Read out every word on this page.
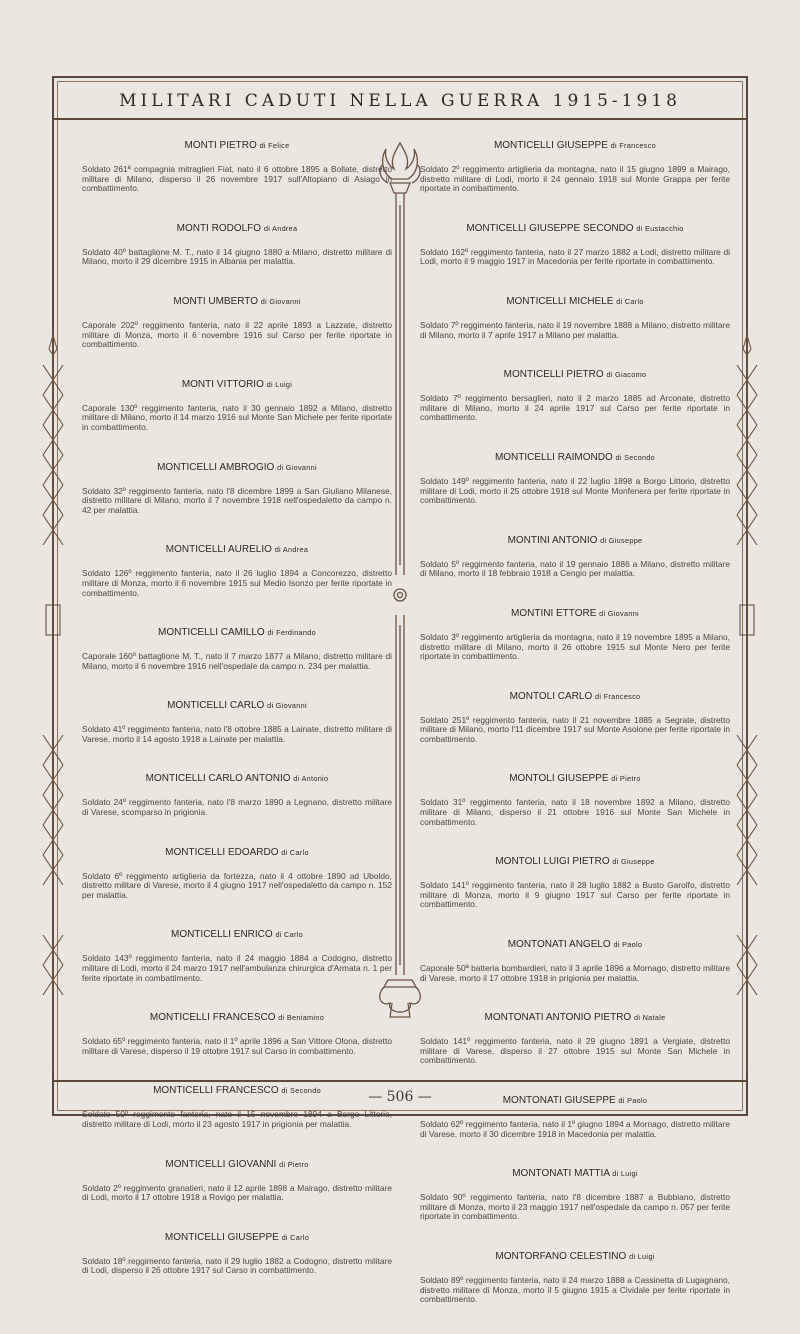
MILITARI CADUTI NELLA GUERRA 1915-1918
MONTI PIETRO di Felice
Soldato 261ª compagnia mitraglieri Fiat, nato il 6 ottobre 1895 a Bollate, distretto militare di Milano, disperso il 26 novembre 1917 sull'Altopiano di Asiago in combattimento.
MONTI RODOLFO di Andrea
Soldato 40º battaglione M. T., nato il 14 giugno 1880 a Milano, distretto militare di Milano, morto il 29 dicembre 1915 in Albania per malattia.
MONTI UMBERTO di Giovanni
Caporale 202º reggimento fanteria, nato il 22 aprile 1893 a Lazzate, distretto militare di Monza, morto il 6 novembre 1916 sul Carso per ferite riportate in combattimento.
MONTI VITTORIO di Luigi
Caporale 130º reggimento fanteria, nato il 30 gennaio 1892 a Milano, distretto militare di Milano, morto il 14 marzo 1916 sul Monte San Michele per ferite riportate in combattimento.
MONTICELLI AMBROGIO di Giovanni
Soldato 32º reggimento fanteria, nato l'8 dicembre 1899 a San Giuliano Milanese, distretto militare di Milano, morto il 7 novembre 1918 nell'ospedaletto da campo n. 42 per malattia.
MONTICELLI AURELIO di Andrea
Soldato 126º reggimento fanteria, nato il 26 luglio 1894 a Concorezzo, distretto militare di Monza, morto il 6 novembre 1915 sul Medio Isonzo per ferite riportate in combattimento.
MONTICELLI CAMILLO di Ferdinando
Caporale 160º battaglione M. T., nato il 7 marzo 1877 a Milano, distretto militare di Milano, morto il 6 novembre 1916 nell'ospedale da campo n. 234 per malattia.
MONTICELLI CARLO di Giovanni
Soldato 41º reggimento fanteria, nato l'8 ottobre 1885 a Lainate, distretto militare di Varese, morto il 14 agosto 1918 a Lainate per malattia.
MONTICELLI CARLO ANTONIO di Antonio
Soldato 24º reggimento fanteria, nato l'8 marzo 1890 a Legnano, distretto militare di Varese, scomparso in prigionia.
MONTICELLI EDOARDO di Carlo
Soldato 6º reggimento artiglieria da fortezza, nato il 4 ottobre 1890 ad Uboldo, distretto militare di Varese, morto il 4 giugno 1917 nell'ospedaletto da campo n. 152 per malattia.
MONTICELLI ENRICO di Carlo
Soldato 143º reggimento fanteria, nato il 24 maggio 1884 a Codogno, distretto militare di Lodi, morto il 24 marzo 1917 nell'ambulanza chirurgica d'Armata n. 1 per ferite riportate in combattimento.
MONTICELLI FRANCESCO di Beniamino
Soldato 65º reggimento fanteria, nato il 1º aprile 1896 a San Vittore Olona, distretto militare di Varese, disperso il 19 ottobre 1917 sul Carso in combattimento.
MONTICELLI FRANCESCO di Secondo
Soldato 50º reggimento fanteria, nato il 15 novembre 1894 a Borgo Littorio, distretto militare di Lodi, morto il 23 agosto 1917 in prigionia per malattia.
MONTICELLI GIOVANNI di Pietro
Soldato 2º reggimento granatieri, nato il 12 aprile 1898 a Mairago, distretto militare di Lodi, morto il 17 ottobre 1918 a Rovigo per malattia.
MONTICELLI GIUSEPPE di Carlo
Soldato 18º reggimento fanteria, nato il 29 luglio 1882 a Codogno, distretto militare di Lodi, disperso il 26 ottobre 1917 sul Carso in combattimento.
MONTICELLI GIUSEPPE di Francesco
Soldato 2º reggimento artiglieria da montagna, nato il 15 giugno 1899 a Mairago, distretto militare di Lodi, morto il 24 gennaio 1918 sul Monte Grappa per ferite riportate in combattimento.
MONTICELLI GIUSEPPE SECONDO di Eustacchio
Soldato 162º reggimento fanteria, nato il 27 marzo 1882 a Lodi, distretto militare di Lodi, morto il 9 maggio 1917 in Macedonia per ferite riportate in combattimento.
MONTICELLI MICHELE di Carlo
Soldato 7º reggimento fanteria, nato il 19 novembre 1888 a Milano, distretto militare di Milano, morto il 7 aprile 1917 a Milano per malattia.
MONTICELLI PIETRO di Giacomo
Soldato 7º reggimento bersaglieri, nato il 2 marzo 1885 ad Arconate, distretto militare di Milano, morto il 24 aprile 1917 sul Carso per ferite riportate in combattimento.
MONTICELLI RAIMONDO di Secondo
Soldato 149º reggimento fanteria, nato il 22 luglio 1898 a Borgo Littorio, distretto militare di Lodi, morto il 25 ottobre 1918 sul Monte Monfenera per ferite riportate in combattimento.
MONTINI ANTONIO di Giuseppe
Soldato 5º reggimento fanteria, nato il 19 gennaio 1886 a Milano, distretto militare di Milano, morto il 18 febbraio 1918 a Cengio per malattia.
MONTINI ETTORE di Giovanni
Soldato 3º reggimento artiglieria da montagna, nato il 19 novembre 1895 a Milano, distretto militare di Milano, morto il 26 ottobre 1915 sul Monte Nero per ferite riportate in combattimento.
MONTOLI CARLO di Francesco
Soldato 251º reggimento fanteria, nato il 21 novembre 1885 a Segrate, distretto militare di Milano, morto l'11 dicembre 1917 sul Monte Asolone per ferite riportate in combattimento.
MONTOLI GIUSEPPE di Pietro
Soldato 31º reggimento fanteria, nato il 18 novembre 1892 a Milano, distretto militare di Milano, disperso il 21 ottobre 1916 sul Monte San Michele in combattimento.
MONTOLI LUIGI PIETRO di Giuseppe
Soldato 141º reggimento fanteria, nato il 28 luglio 1882 a Busto Garolfo, distretto militare di Monza, morto il 9 giugno 1917 sul Carso per ferite riportate in combattimento.
MONTONATI ANGELO di Paolo
Caporale 50ª batteria bombardieri, nato il 3 aprile 1896 a Mornago, distretto militare di Varese, morto il 17 ottobre 1918 in prigionia per malattia.
MONTONATI ANTONIO PIETRO di Natale
Soldato 141º reggimento fanteria, nato il 29 giugno 1891 a Vergiate, distretto militare di Varese, disperso il 27 ottobre 1915 sul Monte San Michele in combattimento.
MONTONATI GIUSEPPE di Paolo
Soldato 62º reggimento fanteria, nato il 1º giugno 1894 a Mornago, distretto militare di Varese, morto il 30 dicembre 1918 in Macedonia per malattia.
MONTONATI MATTIA di Luigi
Soldato 90º reggimento fanteria, nato l'8 dicembre 1887 a Bubbiano, distretto militare di Monza, morto il 23 maggio 1917 nell'ospedale da campo n. 057 per ferite riportate in combattimento.
MONTORFANO CELESTINO di Luigi
Soldato 89º reggimento fanteria, nato il 24 marzo 1888 a Cassinetta di Lugagnano, distretto militare di Monza, morto il 5 giugno 1915 a Cividale per ferite riportate in combattimento.
— 506 —
